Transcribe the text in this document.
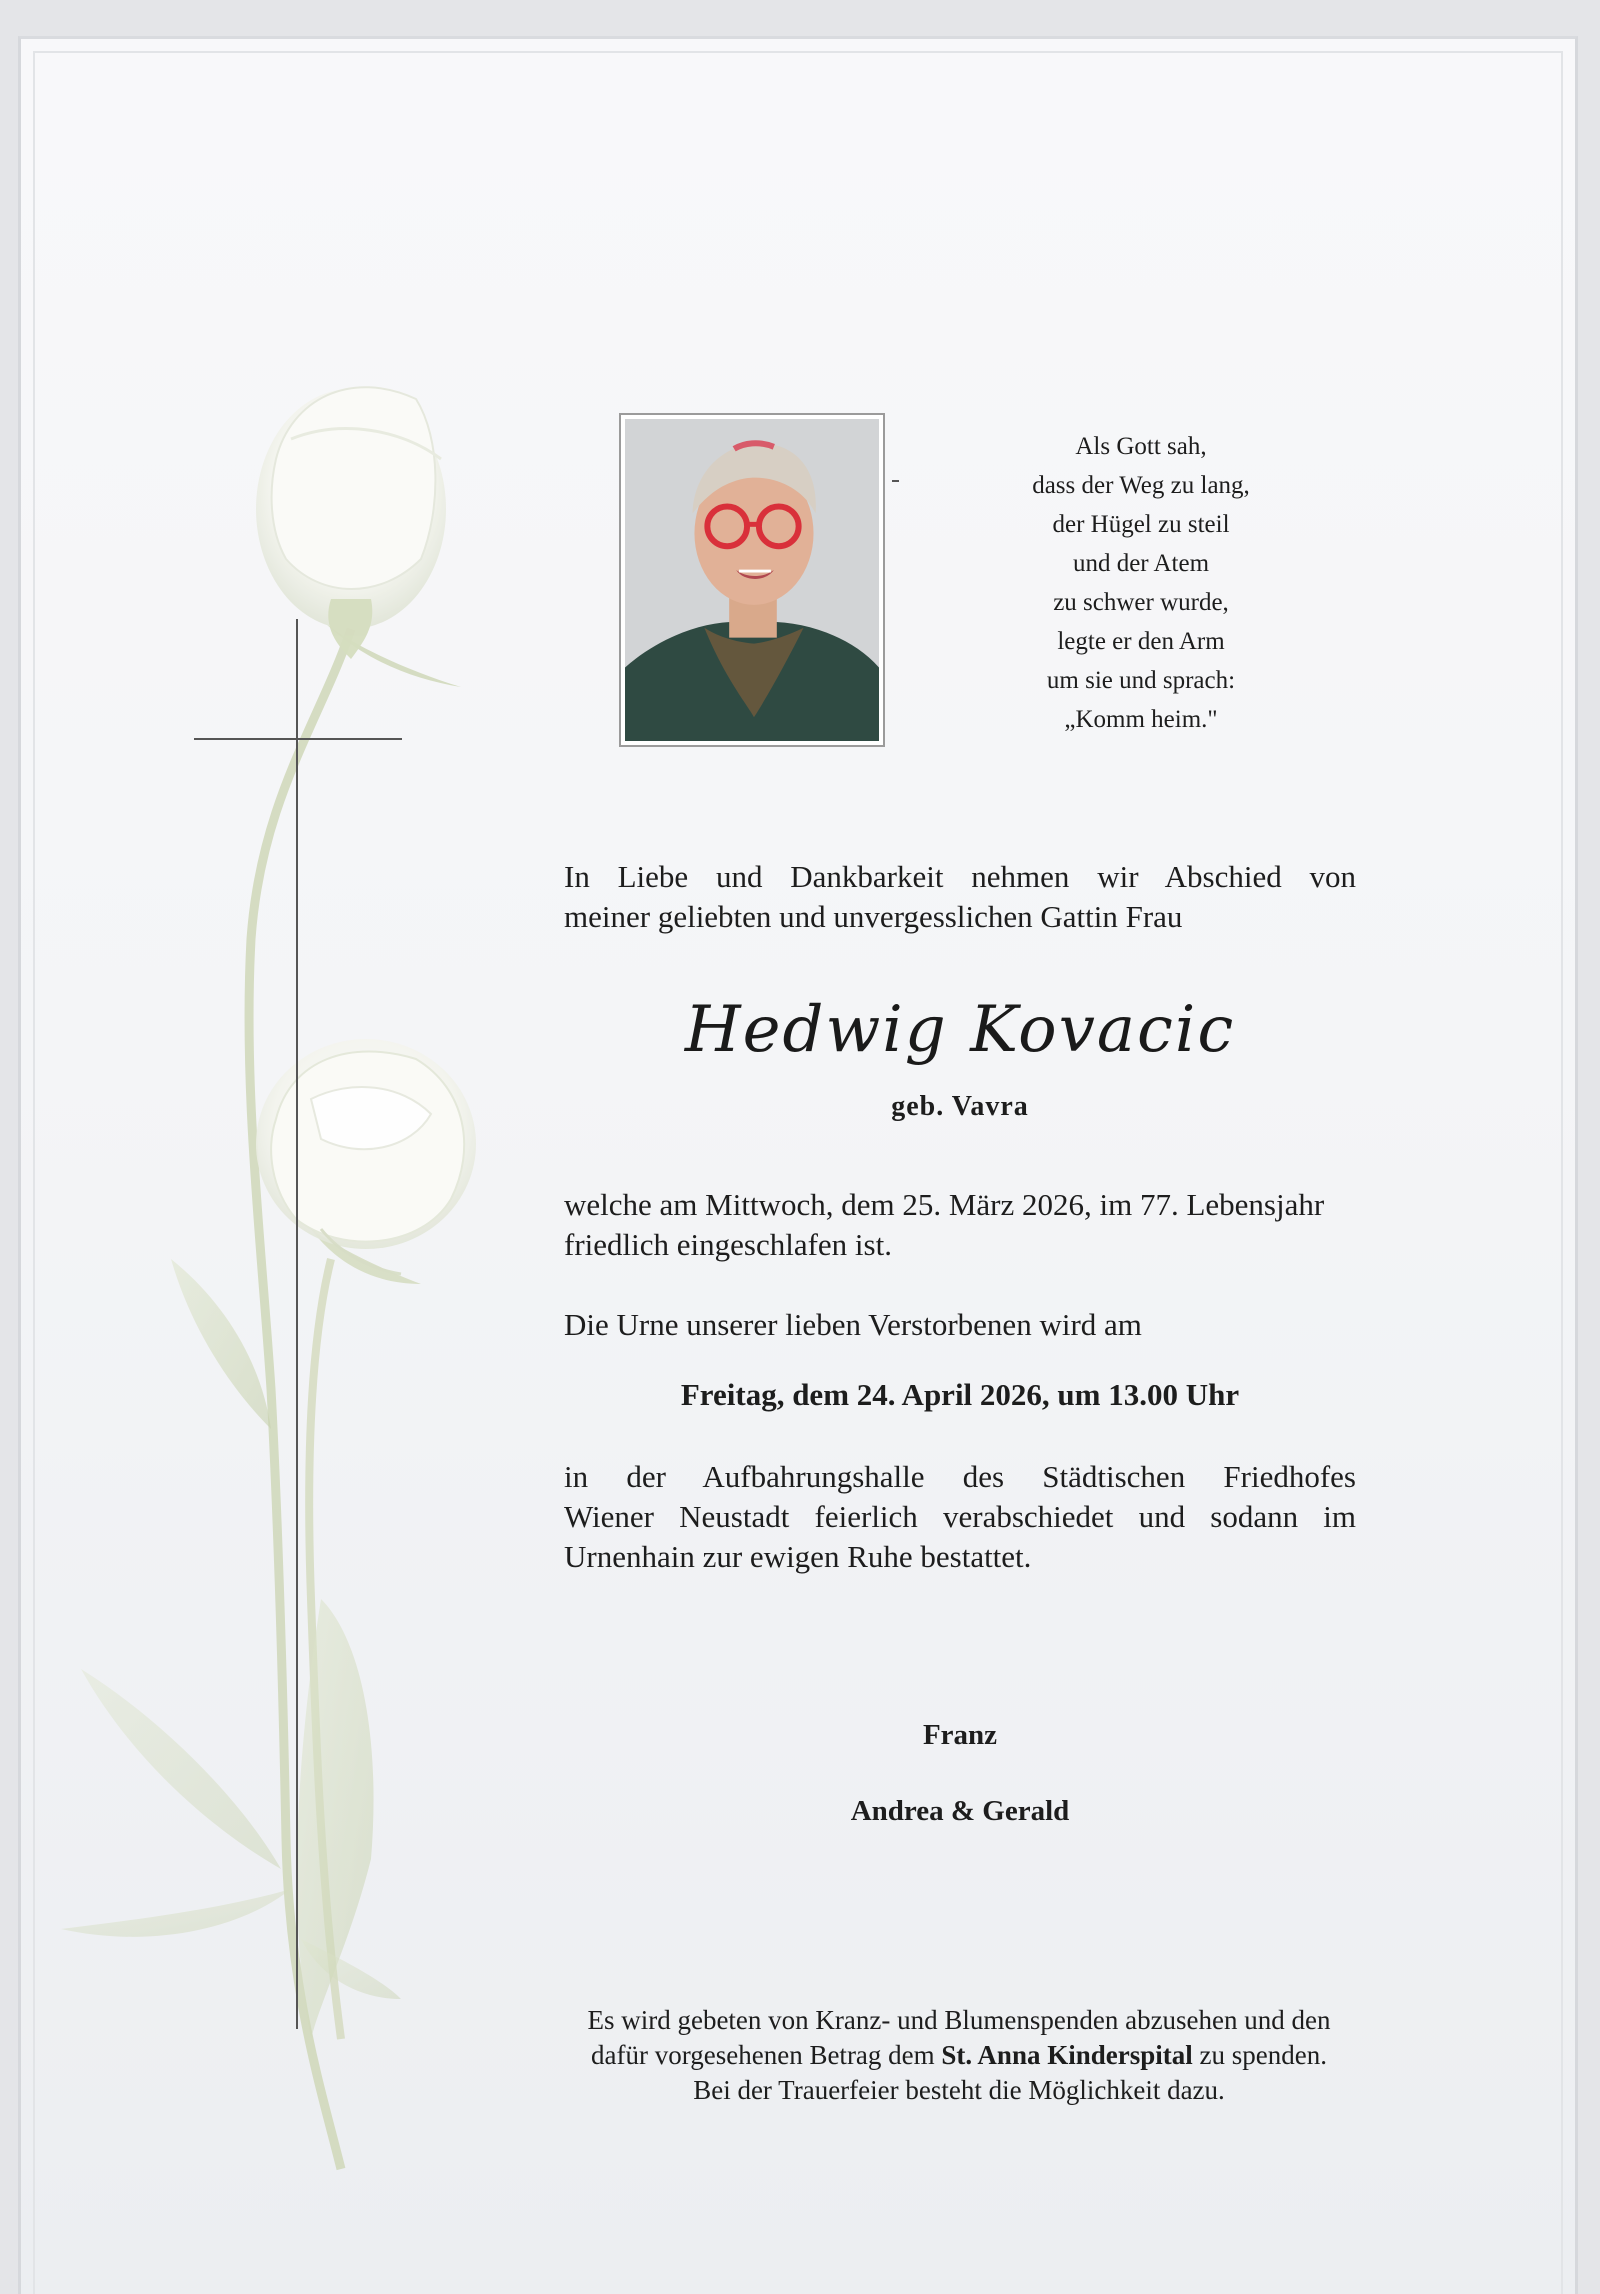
Als Gott sah,
dass der Weg zu lang,
der Hügel zu steil
und der Atem
zu schwer wurde,
legte er den Arm
um sie und sprach:
„Komm heim."
In Liebe und Dankbarkeit nehmen wir Abschied von
meiner geliebten und unvergesslichen Gattin Frau
Hedwig Kovacic
geb. Vavra
welche am Mittwoch, dem 25. März 2026, im 77. Lebensjahr
friedlich eingeschlafen ist.
Die Urne unserer lieben Verstorbenen wird am
Freitag, dem 24. April 2026, um 13.00 Uhr
in der Aufbahrungshalle des Städtischen Friedhofes
Wiener Neustadt feierlich verabschiedet und sodann im
Urnenhain zur ewigen Ruhe bestattet.
Franz
Andrea & Gerald
Es wird gebeten von Kranz- und Blumenspenden abzusehen und den
dafür vorgesehenen Betrag dem St. Anna Kinderspital zu spenden.
Bei der Trauerfeier besteht die Möglichkeit dazu.
